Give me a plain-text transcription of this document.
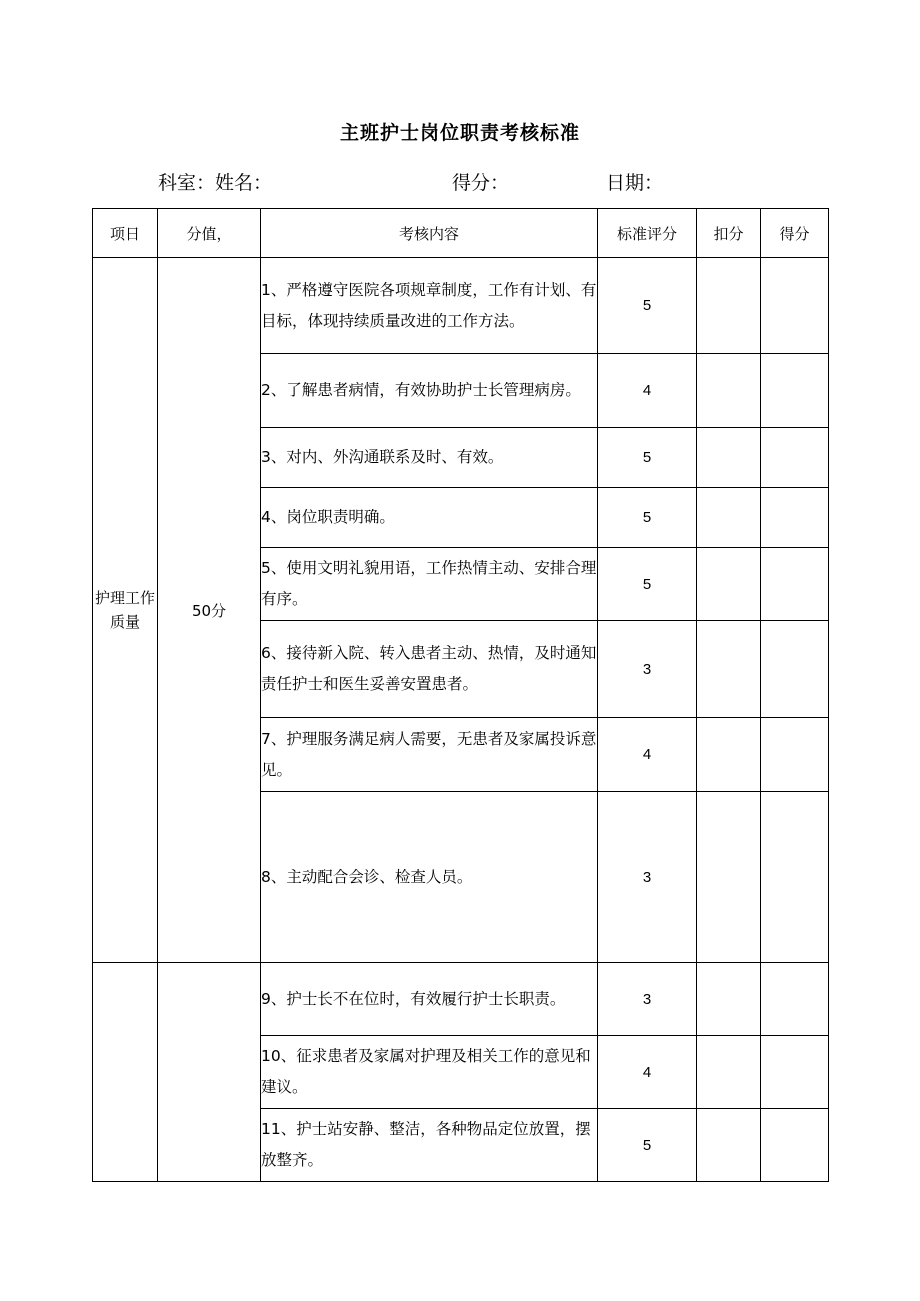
主班护士岗位职责考核标准
科室：姓名：	得分：	日期：
项日	分值，	考核内容	标准评分	扣分	得分
护理工作质量	50分	1、严格遵守医院各项规章制度，工作有计划、有目标，体现持续质量改进的工作方法。	5		
		2、了解患者病情，有效协助护士长管理病房。	4		
		3、对内、外沟通联系及时、有效。	5		
		4、岗位职责明确。	5		
		5、使用文明礼貌用语，工作热情主动、安排合理有序。	5		
		6、接待新入院、转入患者主动、热情，及时通知责任护士和医生妥善安置患者。	3		
		7、护理服务满足病人需要，无患者及家属投诉意见。	4		
		8、主动配合会诊、检查人员。	3		
		9、护士长不在位时，有效履行护士长职责。	3		
		10、征求患者及家属对护理及相关工作的意见和建议。	4		
		11、护士站安静、整洁，各种物品定位放置，摆放整齐。	5		
